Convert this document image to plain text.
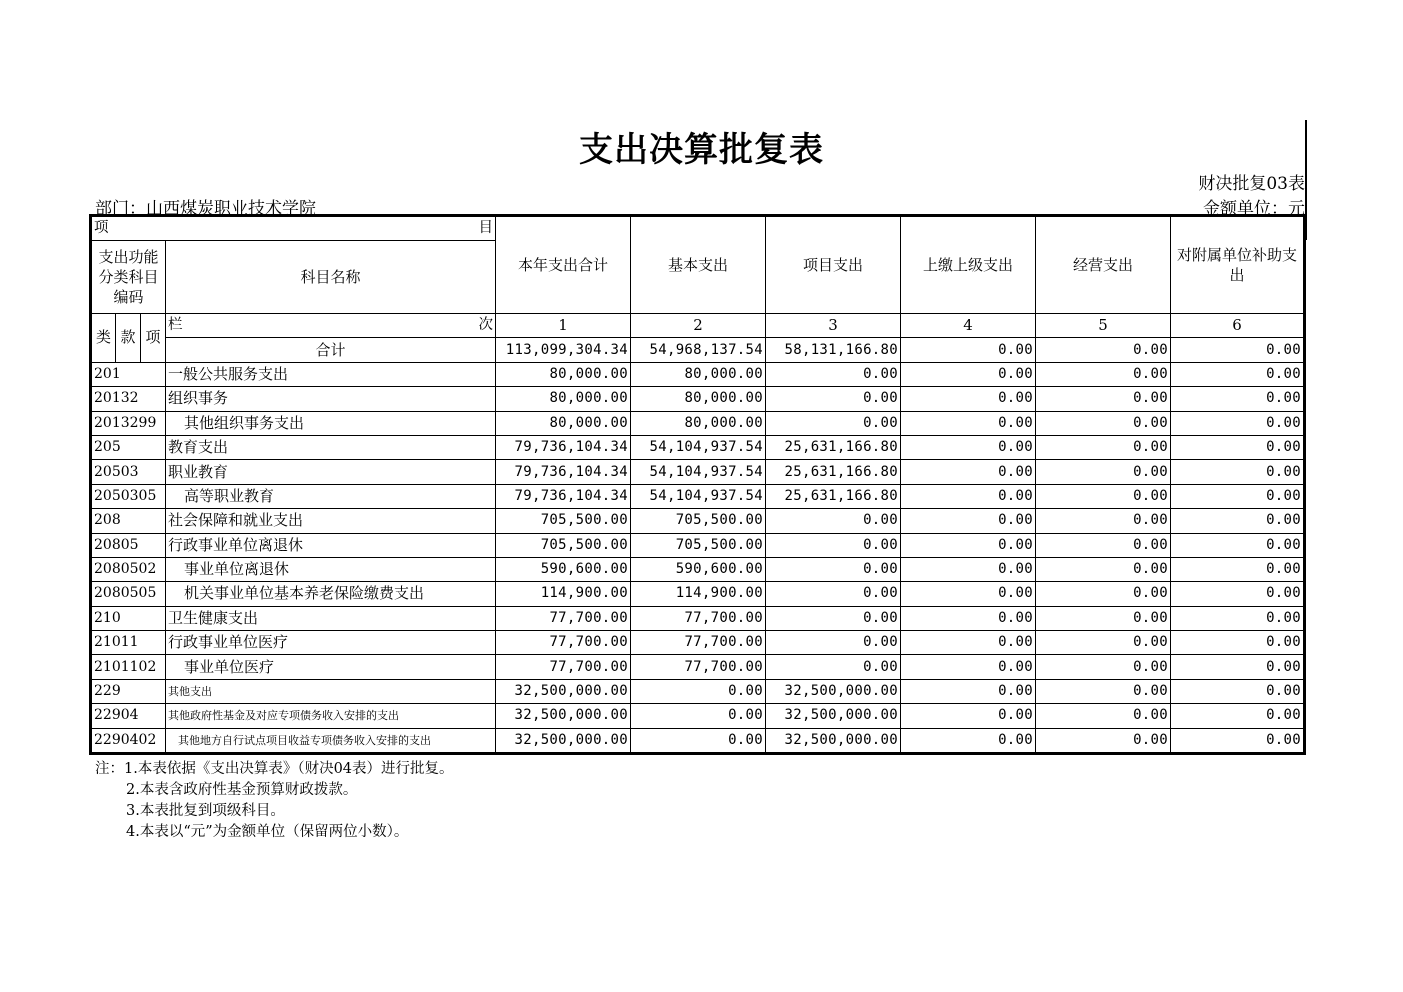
支出决算批复表
财决批复03表
部门：山西煤炭职业技术学院	金额单位：元
项 目				本年支出合计	基本支出	项目支出	上缴上级支出	经营支出	对附属单位补助支出
支出功能分类科目编码			科目名称						
类	款	项	栏 次	1	2	3	4	5	6
			合计	113,099,304.34	54,968,137.54	58,131,166.80	0.00	0.00	0.00
201			一般公共服务支出	80,000.00	80,000.00	0.00	0.00	0.00	0.00
20132			组织事务	80,000.00	80,000.00	0.00	0.00	0.00	0.00
2013299			其他组织事务支出	80,000.00	80,000.00	0.00	0.00	0.00	0.00
205			教育支出	79,736,104.34	54,104,937.54	25,631,166.80	0.00	0.00	0.00
20503			职业教育	79,736,104.34	54,104,937.54	25,631,166.80	0.00	0.00	0.00
2050305			高等职业教育	79,736,104.34	54,104,937.54	25,631,166.80	0.00	0.00	0.00
208			社会保障和就业支出	705,500.00	705,500.00	0.00	0.00	0.00	0.00
20805			行政事业单位离退休	705,500.00	705,500.00	0.00	0.00	0.00	0.00
2080502			事业单位离退休	590,600.00	590,600.00	0.00	0.00	0.00	0.00
2080505			机关事业单位基本养老保险缴费支出	114,900.00	114,900.00	0.00	0.00	0.00	0.00
210			卫生健康支出	77,700.00	77,700.00	0.00	0.00	0.00	0.00
21011			行政事业单位医疗	77,700.00	77,700.00	0.00	0.00	0.00	0.00
2101102			事业单位医疗	77,700.00	77,700.00	0.00	0.00	0.00	0.00
229			其他支出	32,500,000.00	0.00	32,500,000.00	0.00	0.00	0.00
22904			其他政府性基金及对应专项债务收入安排的支出	32,500,000.00	0.00	32,500,000.00	0.00	0.00	0.00
2290402			其他地方自行试点项目收益专项债务收入安排的支出	32,500,000.00	0.00	32,500,000.00	0.00	0.00	0.00
注：1.本表依据《支出决算表》（财决04表）进行批复。
2.本表含政府性基金预算财政拨款。
3.本表批复到项级科目。
4.本表以“元”为金额单位（保留两位小数）。
